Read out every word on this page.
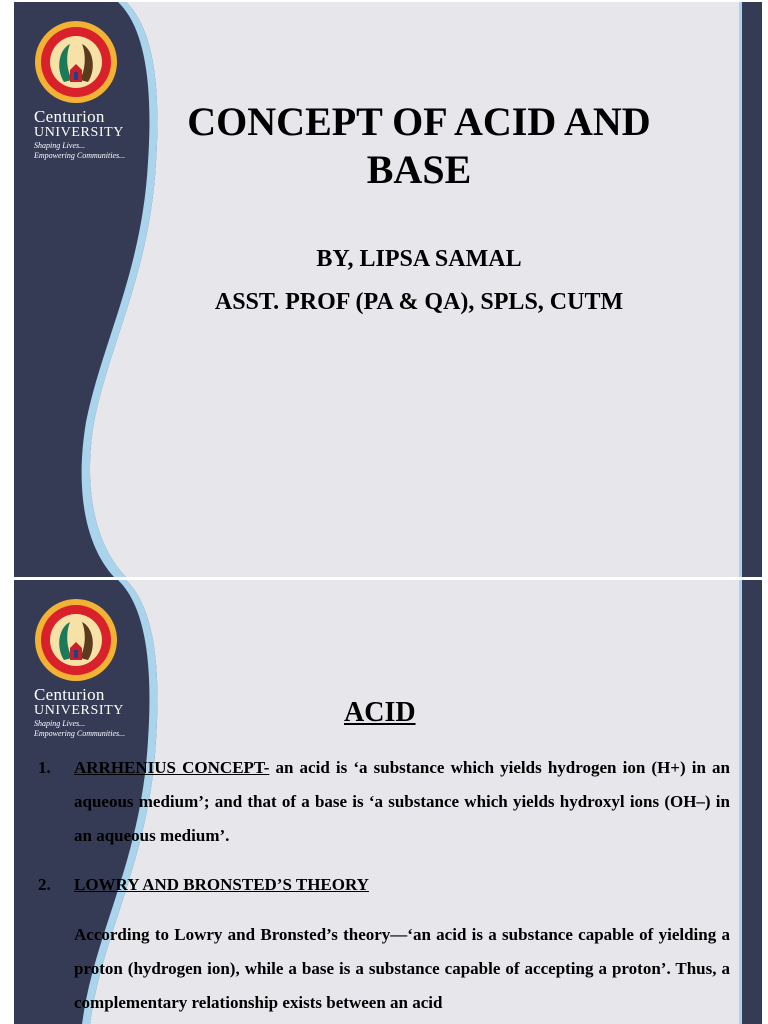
Centurion
UNIVERSITY
Shaping Lives...
Empowering Communities...
CONCEPT OF ACID AND
BASE
BY, LIPSA SAMAL
ASST. PROF (PA & QA), SPLS, CUTM
Centurion
UNIVERSITY
Shaping Lives...
Empowering Communities...
ACID
1. ARRHENIUS CONCEPT- an acid is ‘a substance which yields hydrogen ion (H+) in an aqueous medium’; and that of a base is ‘a substance which yields hydroxyl ions (OH–) in an aqueous medium’.
2. LOWRY AND BRONSTED’S THEORY
According to Lowry and Bronsted’s theory—‘an acid is a substance capable of yielding a proton (hydrogen ion), while a base is a substance capable of accepting a proton’. Thus, a complementary relationship exists between an acid
